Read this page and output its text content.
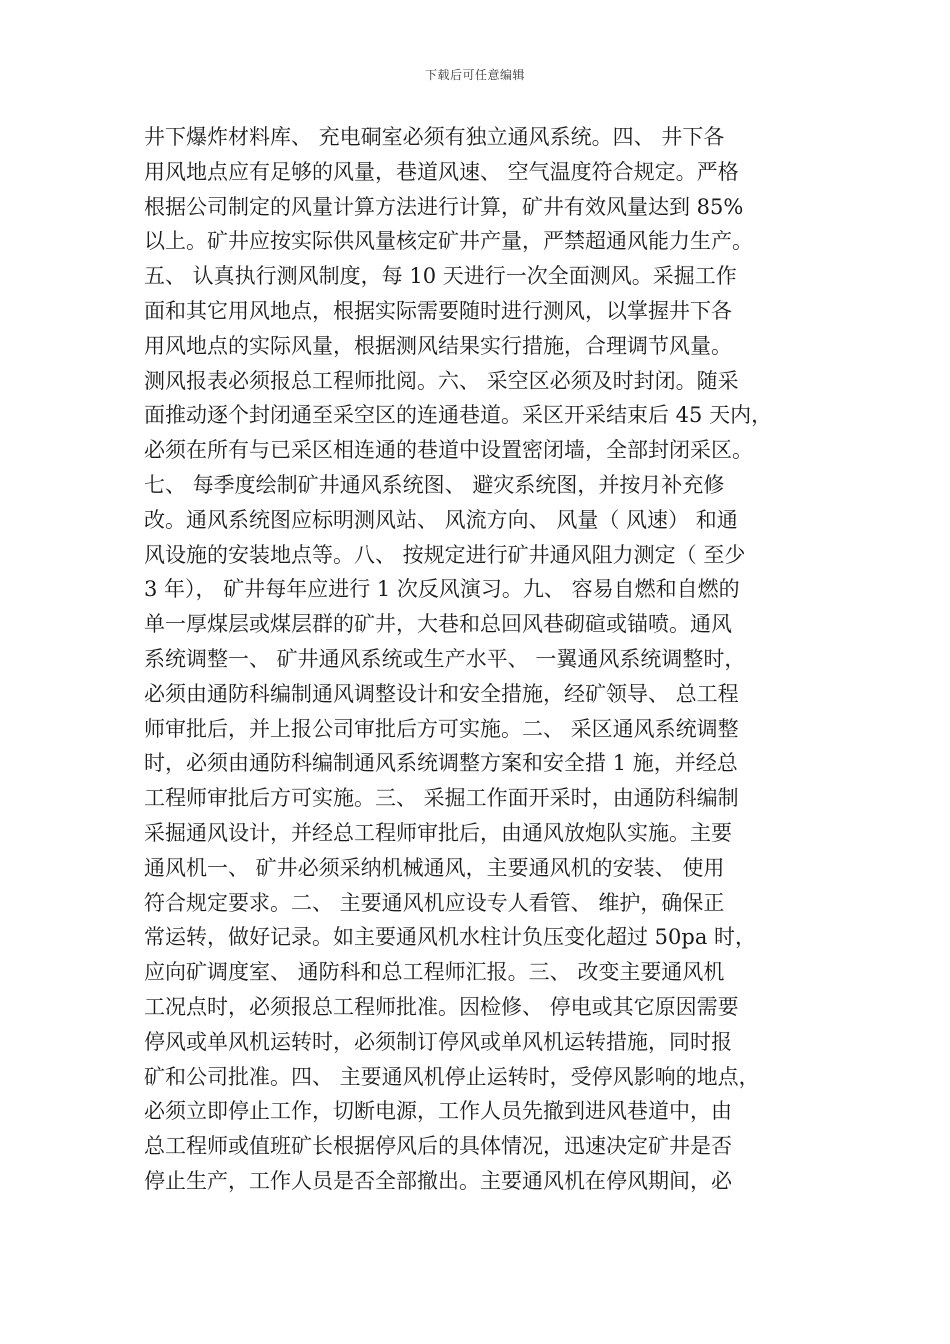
下载后可任意编辑
井下爆炸材料库、 充电硐室必须有独立通风系统。四、 井下各
用风地点应有足够的风量，巷道风速、 空气温度符合规定。严格
根据公司制定的风量计算方法进行计算，矿井有效风量达到 85%
以上。矿井应按实际供风量核定矿井产量，严禁超通风能力生产。
五、 认真执行测风制度，每 10 天进行一次全面测风。采掘工作
面和其它用风地点，根据实际需要随时进行测风，以掌握井下各
用风地点的实际风量，根据测风结果实行措施，合理调节风量。
测风报表必须报总工程师批阅。六、 采空区必须及时封闭。随采
面推动逐个封闭通至采空区的连通巷道。采区开采结束后 45 天内，
必须在所有与已采区相连通的巷道中设置密闭墙，全部封闭采区。
七、 每季度绘制矿井通风系统图、 避灾系统图，并按月补充修
改。通风系统图应标明测风站、 风流方向、 风量（ 风速） 和通
风设施的安装地点等。八、 按规定进行矿井通风阻力测定（ 至少
3 年）， 矿井每年应进行 1 次反风演习。九、 容易自燃和自燃的
单一厚煤层或煤层群的矿井，大巷和总回风巷砌碹或锚喷。通风
系统调整一、 矿井通风系统或生产水平、 一翼通风系统调整时，
必须由通防科编制通风调整设计和安全措施，经矿领导、 总工程
师审批后，并上报公司审批后方可实施。二、 采区通风系统调整
时，必须由通防科编制通风系统调整方案和安全措 1 施，并经总
工程师审批后方可实施。三、 采掘工作面开采时，由通防科编制
采掘通风设计，并经总工程师审批后，由通风放炮队实施。主要
通风机一、 矿井必须采纳机械通风，主要通风机的安装、 使用
符合规定要求。二、 主要通风机应设专人看管、 维护，确保正
常运转，做好记录。如主要通风机水柱计负压变化超过 50pa 时，
应向矿调度室、 通防科和总工程师汇报。三、 改变主要通风机
工况点时，必须报总工程师批准。因检修、 停电或其它原因需要
停风或单风机运转时，必须制订停风或单风机运转措施，同时报
矿和公司批准。四、 主要通风机停止运转时，受停风影响的地点，
必须立即停止工作，切断电源，工作人员先撤到进风巷道中，由
总工程师或值班矿长根据停风后的具体情况，迅速决定矿井是否
停止生产，工作人员是否全部撤出。主要通风机在停风期间，必
